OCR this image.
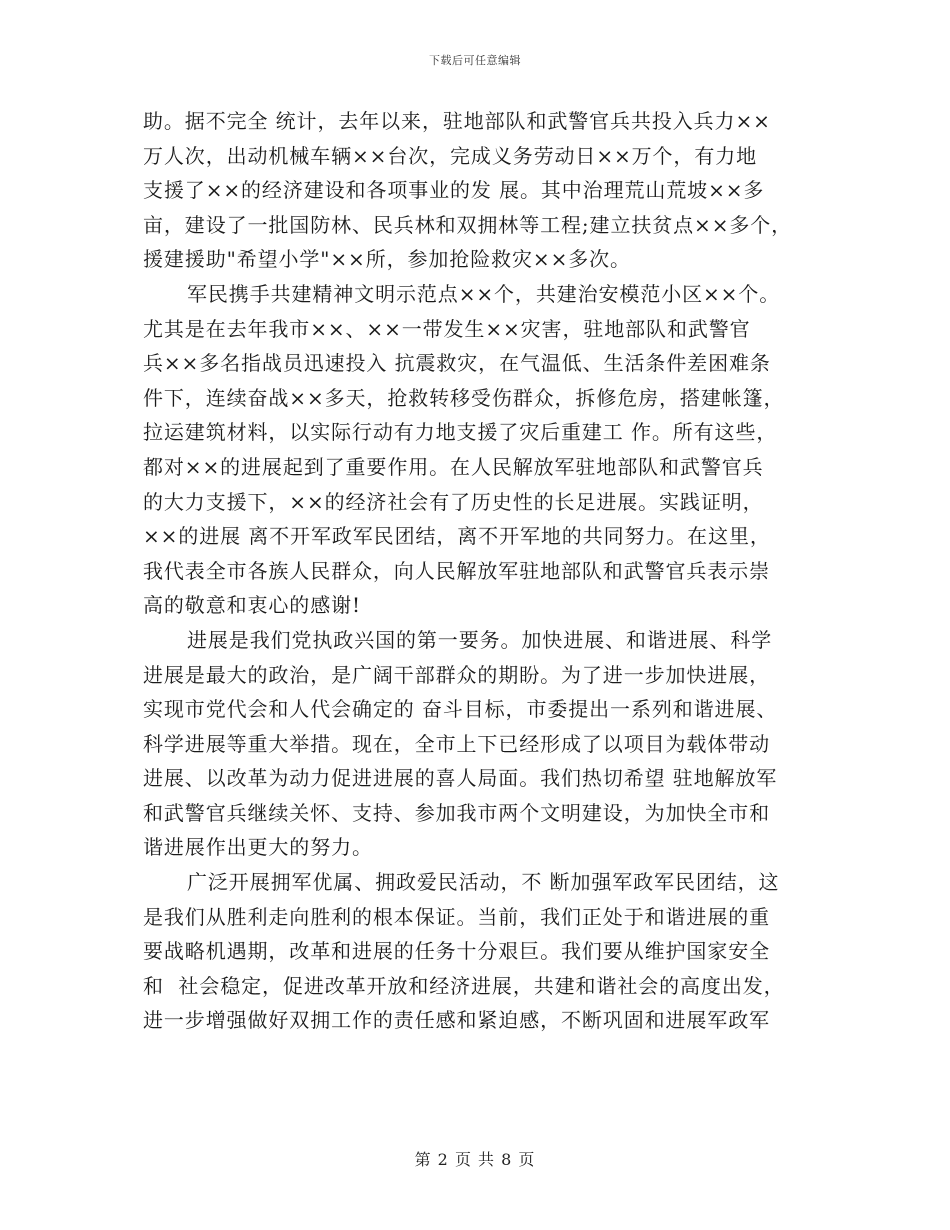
下载后可任意编辑
助。据不完全 统计，去年以来，驻地部队和武警官兵共投入兵力××
万人次，出动机械车辆××台次，完成义务劳动日××万个，有力地
支援了××的经济建设和各项事业的发 展。其中治理荒山荒坡××多
亩，建设了一批国防林、民兵林和双拥林等工程;建立扶贫点××多个，
援建援助"希望小学"××所，参加抢险救灾××多次。
军民携手共建精神文明示范点××个，共建治安模范小区××个。
尤其是在去年我市××、××一带发生××灾害，驻地部队和武警官
兵××多名指战员迅速投入 抗震救灾，在气温低、生活条件差困难条
件下，连续奋战××多天，抢救转移受伤群众，拆修危房，搭建帐篷，
拉运建筑材料，以实际行动有力地支援了灾后重建工 作。所有这些，
都对××的进展起到了重要作用。在人民解放军驻地部队和武警官兵
的大力支援下，××的经济社会有了历史性的长足进展。实践证明，
××的进展 离不开军政军民团结，离不开军地的共同努力。在这里，
我代表全市各族人民群众，向人民解放军驻地部队和武警官兵表示崇
高的敬意和衷心的感谢!
进展是我们党执政兴国的第一要务。加快进展、和谐进展、科学
进展是最大的政治，是广阔干部群众的期盼。为了进一步加快进展，
实现市党代会和人代会确定的 奋斗目标，市委提出一系列和谐进展、
科学进展等重大举措。现在，全市上下已经形成了以项目为载体带动
进展、以改革为动力促进进展的喜人局面。我们热切希望 驻地解放军
和武警官兵继续关怀、支持、参加我市两个文明建设，为加快全市和
谐进展作出更大的努力。
广泛开展拥军优属、拥政爱民活动，不 断加强军政军民团结，这
是我们从胜利走向胜利的根本保证。当前，我们正处于和谐进展的重
要战略机遇期，改革和进展的任务十分艰巨。我们要从维护国家安全
和  社会稳定，促进改革开放和经济进展，共建和谐社会的高度出发，
进一步增强做好双拥工作的责任感和紧迫感，不断巩固和进展军政军
第 2 页 共 8 页
